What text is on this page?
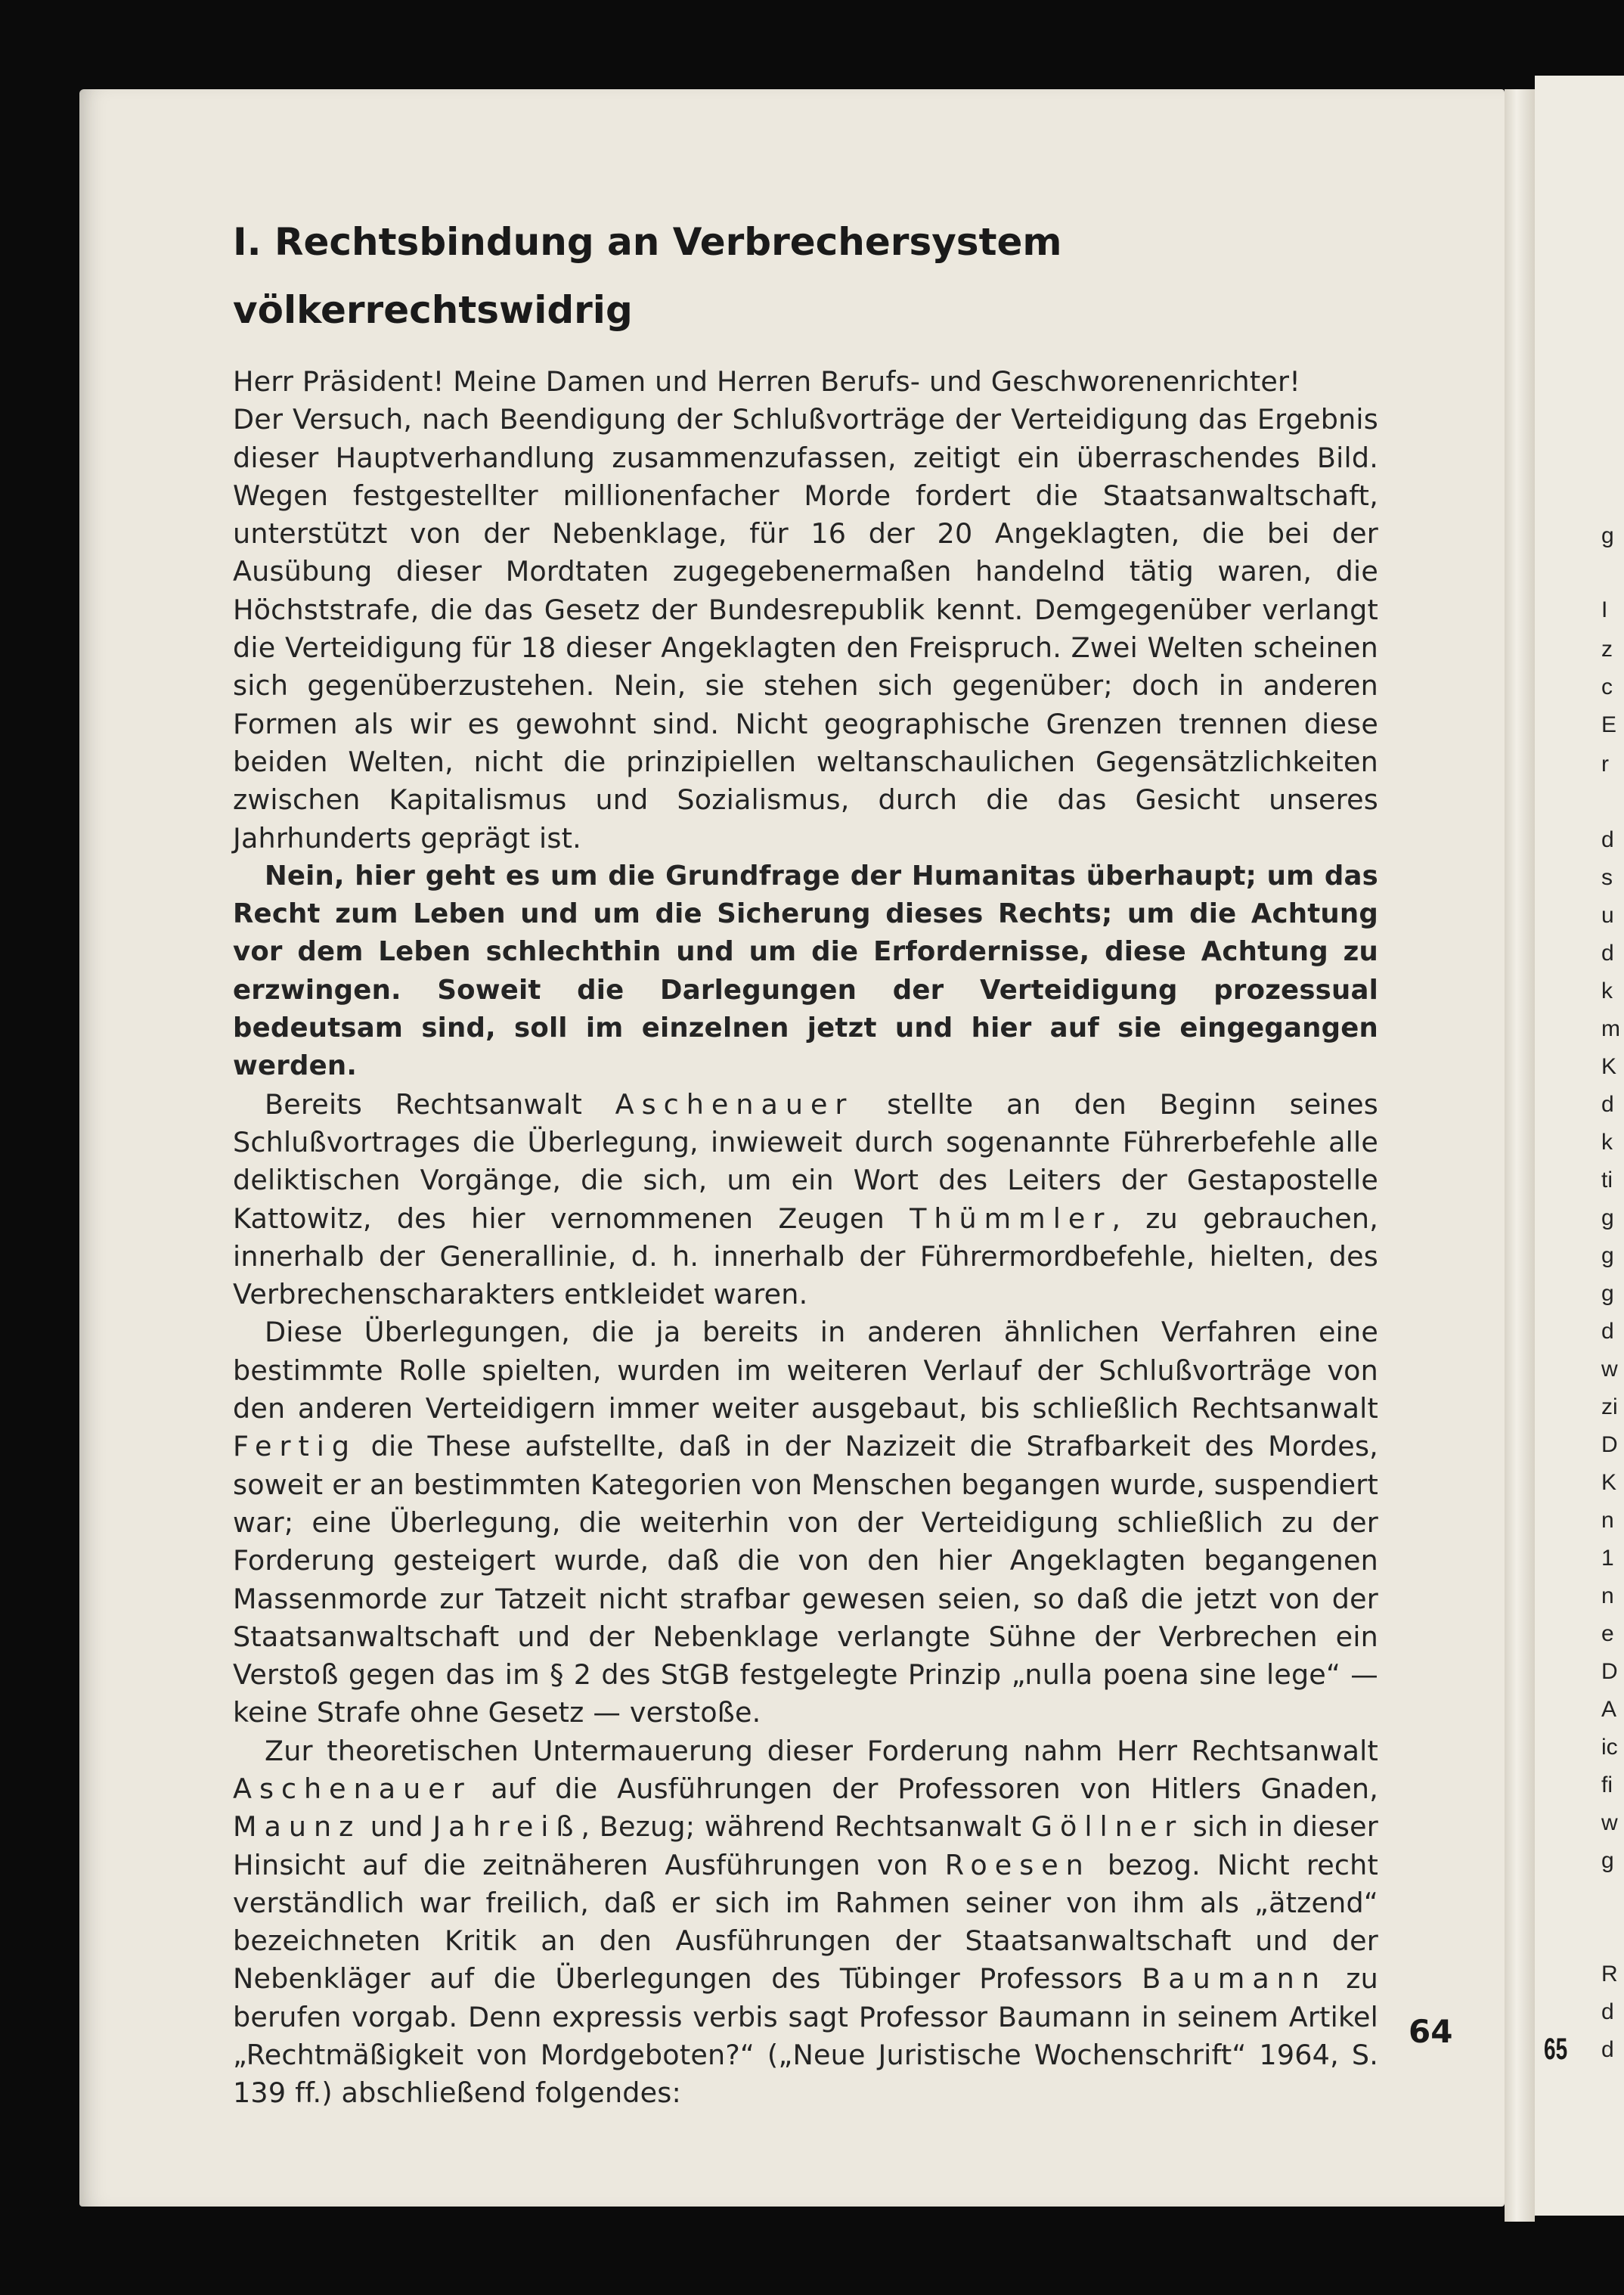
g
I
z
c
E
r
d
s
u
d
k
m
K
d
k
ti
g
g
g
d
w
zi
D
K
n
1
n
e
D
A
ic
fi
w
g
R
d
d
65
I. Rechtsbindung an Verbrechersystem
völkerrechtswidrig

Herr Präsident! Meine Damen und Herren Berufs- und Geschworenenrichter!

Der Versuch, nach Beendigung der Schlußvorträge der Verteidigung das Ergebnis dieser Hauptverhandlung zusammenzufassen, zeitigt ein überraschendes Bild. Wegen festgestellter millionenfacher Morde fordert die Staatsanwaltschaft, unterstützt von der Nebenklage, für 16 der 20 Angeklagten, die bei der Ausübung dieser Mordtaten zugegebenermaßen handelnd tätig waren, die Höchststrafe, die das Gesetz der Bundesrepublik kennt. Demgegenüber verlangt die Verteidigung für 18 dieser Angeklagten den Freispruch. Zwei Welten scheinen sich gegenüberzustehen. Nein, sie stehen sich gegenüber; doch in anderen Formen als wir es gewohnt sind. Nicht geographische Grenzen trennen diese beiden Welten, nicht die prinzipiellen weltanschaulichen Gegensätzlichkeiten zwischen Kapitalismus und Sozialismus, durch die das Gesicht unseres Jahrhunderts geprägt ist.

Nein, hier geht es um die Grundfrage der Humanitas überhaupt; um das Recht zum Leben und um die Sicherung dieses Rechts; um die Achtung vor dem Leben schlechthin und um die Erfordernisse, diese Achtung zu erzwingen. Soweit die Darlegungen der Verteidigung prozessual bedeutsam sind, soll im einzelnen jetzt und hier auf sie eingegangen werden.

Bereits Rechtsanwalt Aschenauer stellte an den Beginn seines Schlußvortrages die Überlegung, inwieweit durch sogenannte Führerbefehle alle deliktischen Vorgänge, die sich, um ein Wort des Leiters der Gestapostelle Kattowitz, des hier vernommenen Zeugen Thümmler, zu gebrauchen, innerhalb der Generallinie, d. h. innerhalb der Führermordbefehle, hielten, des Verbrechenscharakters entkleidet waren.

Diese Überlegungen, die ja bereits in anderen ähnlichen Verfahren eine bestimmte Rolle spielten, wurden im weiteren Verlauf der Schlußvorträge von den anderen Verteidigern immer weiter ausgebaut, bis schließlich Rechtsanwalt Fertig die These aufstellte, daß in der Nazizeit die Strafbarkeit des Mordes, soweit er an bestimmten Kategorien von Menschen begangen wurde, suspendiert war; eine Überlegung, die weiterhin von der Verteidigung schließlich zu der Forderung gesteigert wurde, daß die von den hier Angeklagten begangenen Massenmorde zur Tatzeit nicht strafbar gewesen seien, so daß die jetzt von der Staatsanwaltschaft und der Nebenklage verlangte Sühne der Verbrechen ein Verstoß gegen das im § 2 des StGB festgelegte Prinzip „nulla poena sine lege“ — keine Strafe ohne Gesetz — verstoße.

Zur theoretischen Untermauerung dieser Forderung nahm Herr Rechtsanwalt Aschenauer auf die Ausführungen der Professoren von Hitlers Gnaden, Maunz und Jahreiß, Bezug; während Rechtsanwalt Göllner sich in dieser Hinsicht auf die zeitnäheren Ausführungen von Roesen bezog. Nicht recht verständlich war freilich, daß er sich im Rahmen seiner von ihm als „ätzend“ bezeichneten Kritik an den Ausführungen der Staatsanwaltschaft und der Nebenkläger auf die Überlegungen des Tübinger Professors Baumann zu berufen vorgab. Denn expressis verbis sagt Professor Baumann in seinem Artikel „Rechtmäßigkeit von Mordgeboten?“ („Neue Juristische Wochenschrift“ 1964, S. 139 ff.) abschließend folgendes:

64
